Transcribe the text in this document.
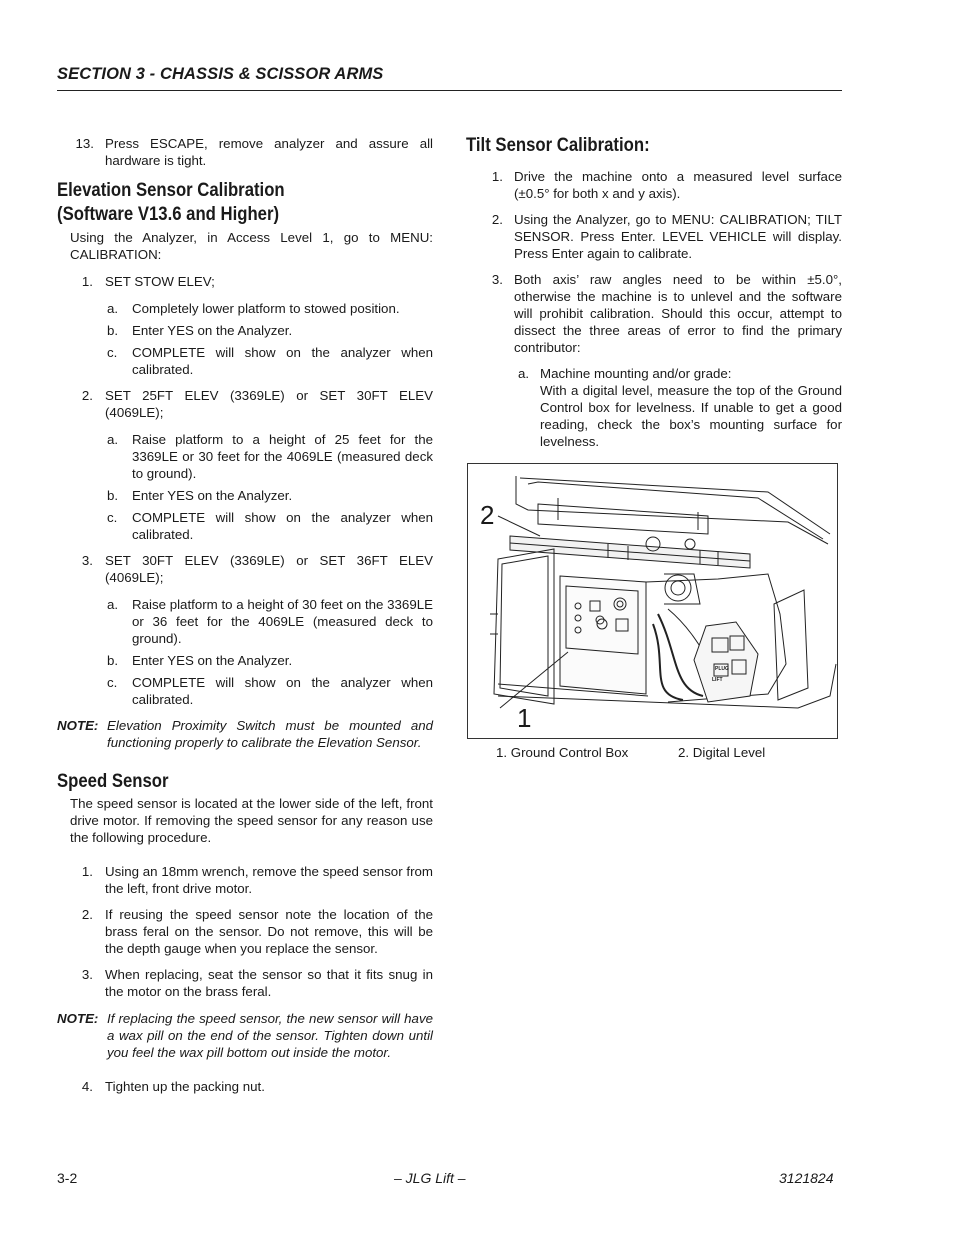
SECTION 3 - CHASSIS & SCISSOR ARMS
13. Press ESCAPE, remove analyzer and assure all hardware is tight.
Elevation Sensor Calibration
(Software V13.6 and Higher)
Using the Analyzer, in Access Level 1, go to MENU: CALIBRATION:
1. SET STOW ELEV;
a.	Completely lower platform to stowed position.
b.	Enter YES on the Analyzer.
c.	COMPLETE will show on the analyzer when calibrated.
2. SET 25FT ELEV (3369LE) or SET 30FT ELEV (4069LE);
a.	Raise platform to a height of 25 feet for the 3369LE or 30 feet for the 4069LE (measured deck to ground).
b.	Enter YES on the Analyzer.
c.	COMPLETE will show on the analyzer when calibrated.
3. SET 30FT ELEV (3369LE) or SET 36FT ELEV (4069LE);
a.	Raise platform to a height of 30 feet on the 3369LE or 36 feet for the 4069LE (measured deck to ground).
b.	Enter YES on the Analyzer.
c.	COMPLETE will show on the analyzer when calibrated.
NOTE: Elevation Proximity Switch must be mounted and functioning properly to calibrate the Elevation Sensor.
Speed Sensor
The speed sensor is located at the lower side of the left, front drive motor. If removing the speed sensor for any reason use the following procedure.
1. Using an 18mm wrench, remove the speed sensor from the left, front drive motor.
2. If reusing the speed sensor note the location of the brass feral on the sensor. Do not remove, this will be the depth gauge when you replace the sensor.
3. When replacing, seat the sensor so that it fits snug in the motor on the brass feral.
NOTE: If replacing the speed sensor, the new sensor will have a wax pill on the end of the sensor. Tighten down until you feel the wax pill bottom out inside the motor.
4. Tighten up the packing nut.
Tilt Sensor Calibration:
1. Drive the machine onto a measured level surface (±0.5° for both x and y axis).
2. Using the Analyzer, go to MENU: CALIBRATION; TILT SENSOR. Press Enter. LEVEL VEHICLE will display. Press Enter again to calibrate.
3. Both axis’ raw angles need to be within ±5.0°, otherwise the machine is to unlevel and the software will prohibit calibration. Should this occur, attempt to dissect the three areas of error to find the primary contributor:
a. Machine mounting and/or grade:
With a digital level, measure the top of the Ground Control box for levelness. If unable to get a good reading, check the box’s mounting surface for levelness.
2
1
PLUG
LIFT
1. Ground Control Box	2. Digital Level
3-2	– JLG Lift –	3121824
